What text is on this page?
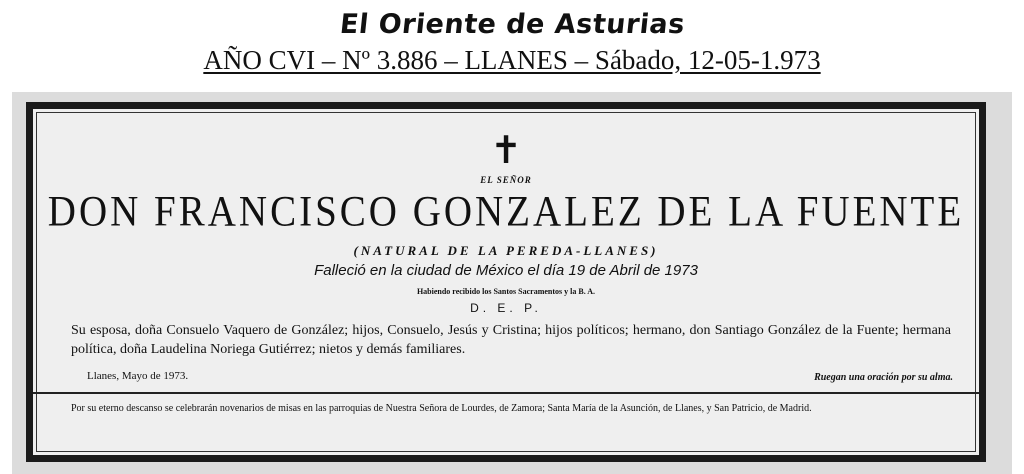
El Oriente de Asturias
AÑO CVI – Nº 3.886 – LLANES – Sábado, 12-05-1.973
✝
EL SEÑOR
DON FRANCISCO GONZALEZ DE LA FUENTE
(NATURAL DE LA PEREDA-LLANES)
Falleció en la ciudad de México el día 19 de Abril de 1973
Habiendo recibido los Santos Sacramentos y la B. A.
D. E. P.
Su esposa, doña Consuelo Vaquero de González; hijos, Consuelo, Jesús y Cristina; hijos políticos; hermano, don Santiago González de la Fuente; hermana política, doña Laudelina Noriega Gutiérrez; nietos y demás familiares.
Llanes, Mayo de 1973.	Ruegan una oración por su alma.
Por su eterno descanso se celebrarán novenarios de misas en las parroquias de Nuestra Señora de Lourdes, de Zamora; Santa María de la Asunción, de Llanes, y San Patricio, de Madrid.
